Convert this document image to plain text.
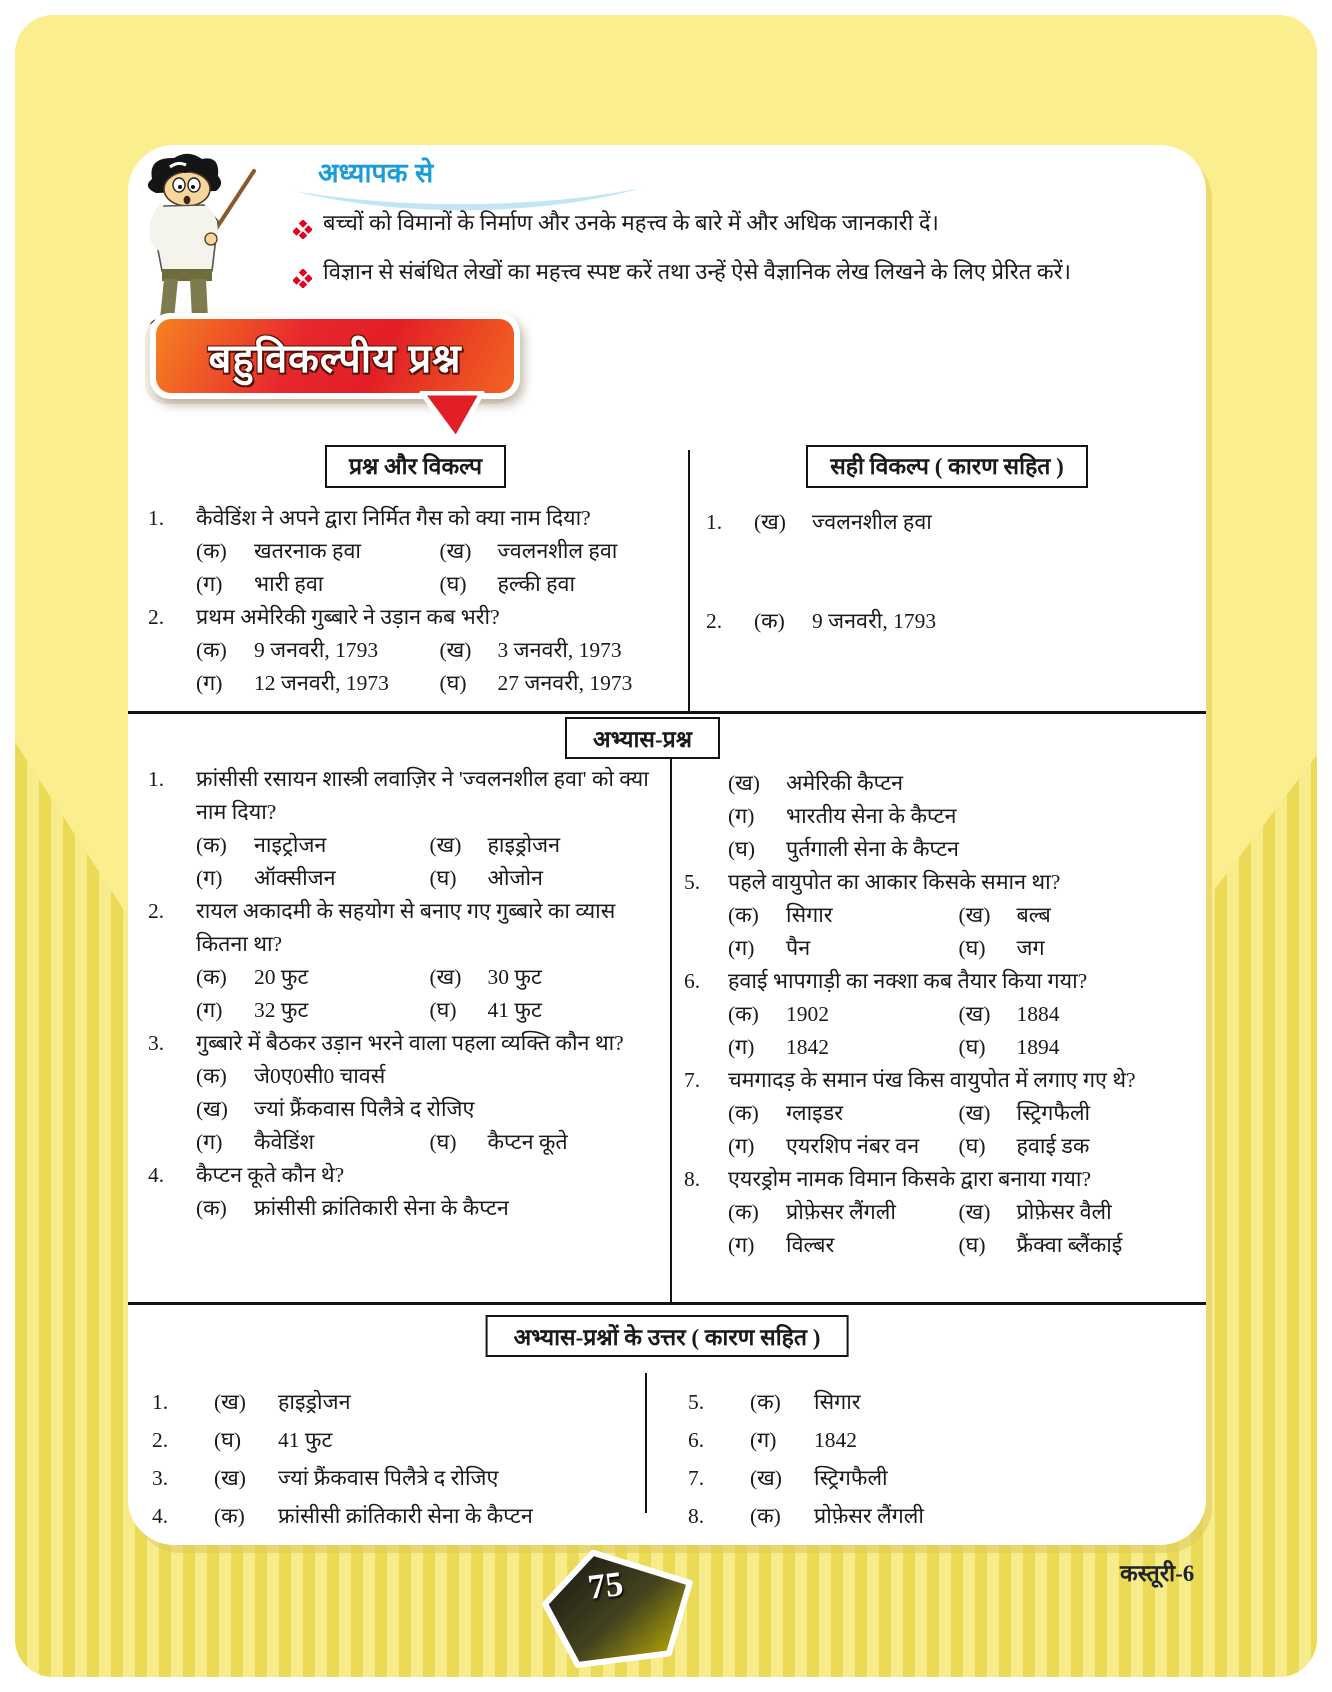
अध्यापक से
बच्चों को विमानों के निर्माण और उनके महत्त्व के बारे में और अधिक जानकारी दें।
विज्ञान से संबंधित लेखों का महत्त्व स्पष्ट करें तथा उन्हें ऐसे वैज्ञानिक लेख लिखने के लिए प्रेरित करें।
बहुविकल्पीय प्रश्न
प्रश्न और विकल्प
1.	कैवेडिंश ने अपने द्वारा निर्मित गैस को क्या नाम दिया?
(क)	खतरनाक हवा	(ख)	ज्वलनशील हवा
(ग)	भारी हवा	(घ)	हल्की हवा
2.	प्रथम अमेरिकी गुब्बारे ने उड़ान कब भरी?
(क)	9 जनवरी, 1793	(ख)	3 जनवरी, 1973
(ग)	12 जनवरी, 1973 (घ)	27 जनवरी, 1973
सही विकल्प ( कारण सहित )
1.	(ख)	ज्वलनशील हवा
2.	(क)	9 जनवरी, 1793
अभ्यास-प्रश्न
1.	फ्रांसीसी रसायन शास्त्री लवाज़िर ने 'ज्वलनशील हवा' को क्या नाम दिया?
(क)	नाइट्रोजन	(ख)	हाइड्रोजन
(ग)	ऑक्सीजन	(घ)	ओजोन
2.	रायल अकादमी के सहयोग से बनाए गए गुब्बारे का व्यास कितना था?
(क)	20 फुट	(ख)	30 फुट
(ग)	32 फुट	(घ)	41 फुट
3.	गुब्बारे में बैठकर उड़ान भरने वाला पहला व्यक्ति कौन था?
(क)	जे0ए0सी0 चावर्स
(ख)	ज्यां फ्रैंकवास पिलैत्रे द रोजिए
(ग)	कैवेडिंश	(घ)	कैप्टन कूते
4.	कैप्टन कूते कौन थे?
(क)	फ्रांसीसी क्रांतिकारी सेना के कैप्टन
(ख)	अमेरिकी कैप्टन
(ग)	भारतीय सेना के कैप्टन
(घ)	पुर्तगाली सेना के कैप्टन
5.	पहले वायुपोत का आकार किसके समान था?
(क)	सिगार	(ख)	बल्ब
(ग)	पैन	(घ)	जग
6.	हवाई भापगाड़ी का नक्शा कब तैयार किया गया?
(क)	1902	(ख)	1884
(ग)	1842	(घ)	1894
7.	चमगादड़ के समान पंख किस वायुपोत में लगाए गए थे?
(क)	ग्लाइडर	(ख)	स्ट्रिगफैली
(ग)	एयरशिप नंबर वन (घ)	हवाई डक
8.	एयरड्रोम नामक विमान किसके द्वारा बनाया गया?
(क)	प्रोफ़ेसर लैंगली	(ख)	प्रोफ़ेसर वैली
(ग)	विल्बर	(घ)	फ्रैंक्वा ब्लैंकाई
अभ्यास-प्रश्नों के उत्तर ( कारण सहित )
1.	(ख)	हाइड्रोजन
2.	(घ)	41 फुट
3.	(ख)	ज्यां फ्रैंकवास पिलैत्रे द रोजिए
4.	(क)	फ्रांसीसी क्रांतिकारी सेना के कैप्टन
5.	(क)	सिगार
6.	(ग)	1842
7.	(ख)	स्ट्रिगफैली
8.	(क)	प्रोफ़ेसर लैंगली
75	कस्तूरी-6
